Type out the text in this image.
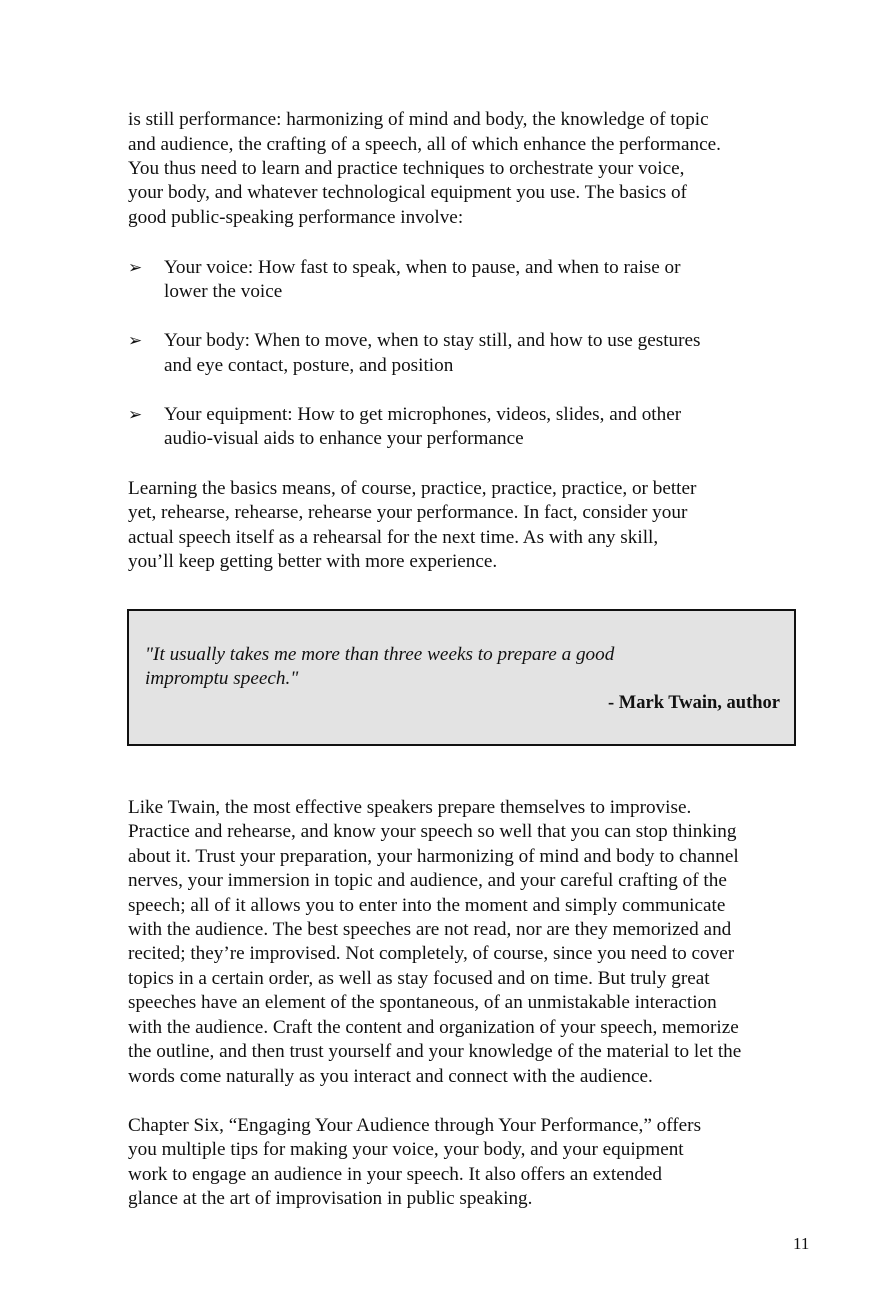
is still performance: harmonizing of mind and body, the knowledge of topic

and audience, the crafting of a speech, all of which enhance the performance.

You thus need to learn and practice techniques to orchestrate your voice,

your body, and whatever technological equipment you use. The basics of

good public-speaking performance involve:

➢ Your voice: How fast to speak, when to pause, and when to raise or
lower the voice
➢ Your body: When to move, when to stay still, and how to use gestures
and eye contact, posture, and position
➢ Your equipment: How to get microphones, videos, slides, and other
audio-visual aids to enhance your performance

Learning the basics means, of course, practice, practice, practice, or better

yet, rehearse, rehearse, rehearse your performance. In fact, consider your

actual speech itself as a rehearsal for the next time. As with any skill,

you’ll keep getting better with more experience.

"It usually takes me more than three weeks to prepare a good
impromptu speech."
- Mark Twain, author

Like Twain, the most effective speakers prepare themselves to improvise.

Practice and rehearse, and know your speech so well that you can stop thinking

about it. Trust your preparation, your harmonizing of mind and body to channel

nerves, your immersion in topic and audience, and your careful crafting of the

speech; all of it allows you to enter into the moment and simply communicate

with the audience. The best speeches are not read, nor are they memorized and

recited; they’re improvised. Not completely, of course, since you need to cover

topics in a certain order, as well as stay focused and on time. But truly great

speeches have an element of the spontaneous, of an unmistakable interaction

with the audience. Craft the content and organization of your speech, memorize

the outline, and then trust yourself and your knowledge of the material to let the

words come naturally as you interact and connect with the audience.

Chapter Six, “Engaging Your Audience through Your Performance,” offers

you multiple tips for making your voice, your body, and your equipment

work to engage an audience in your speech. It also offers an extended

glance at the art of improvisation in public speaking.

11
